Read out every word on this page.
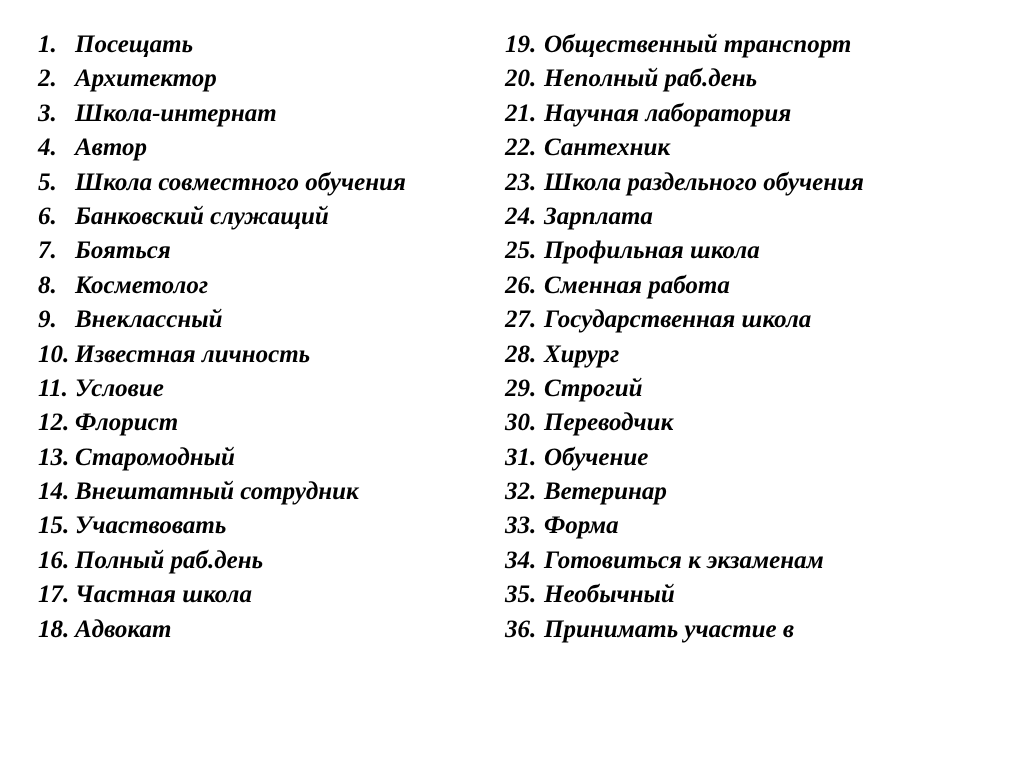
1. Посещать
2. Архитектор
3. Школа-интернат
4. Автор
5. Школа совместного обучения
6. Банковский служащий
7. Бояться
8. Косметолог
9. Внеклассный
10. Известная личность
11. Условие
12. Флорист
13. Старомодный
14. Внештатный сотрудник
15. Участвовать
16. Полный раб.день
17. Частная школа
18. Адвокат
19. Общественный транспорт
20. Неполный раб.день
21. Научная лаборатория
22. Сантехник
23. Школа раздельного обучения
24. Зарплата
25. Профильная школа
26. Сменная работа
27. Государственная школа
28. Хирург
29. Строгий
30. Переводчик
31. Обучение
32. Ветеринар
33. Форма
34. Готовиться к экзаменам
35. Необычный
36. Принимать участие в
